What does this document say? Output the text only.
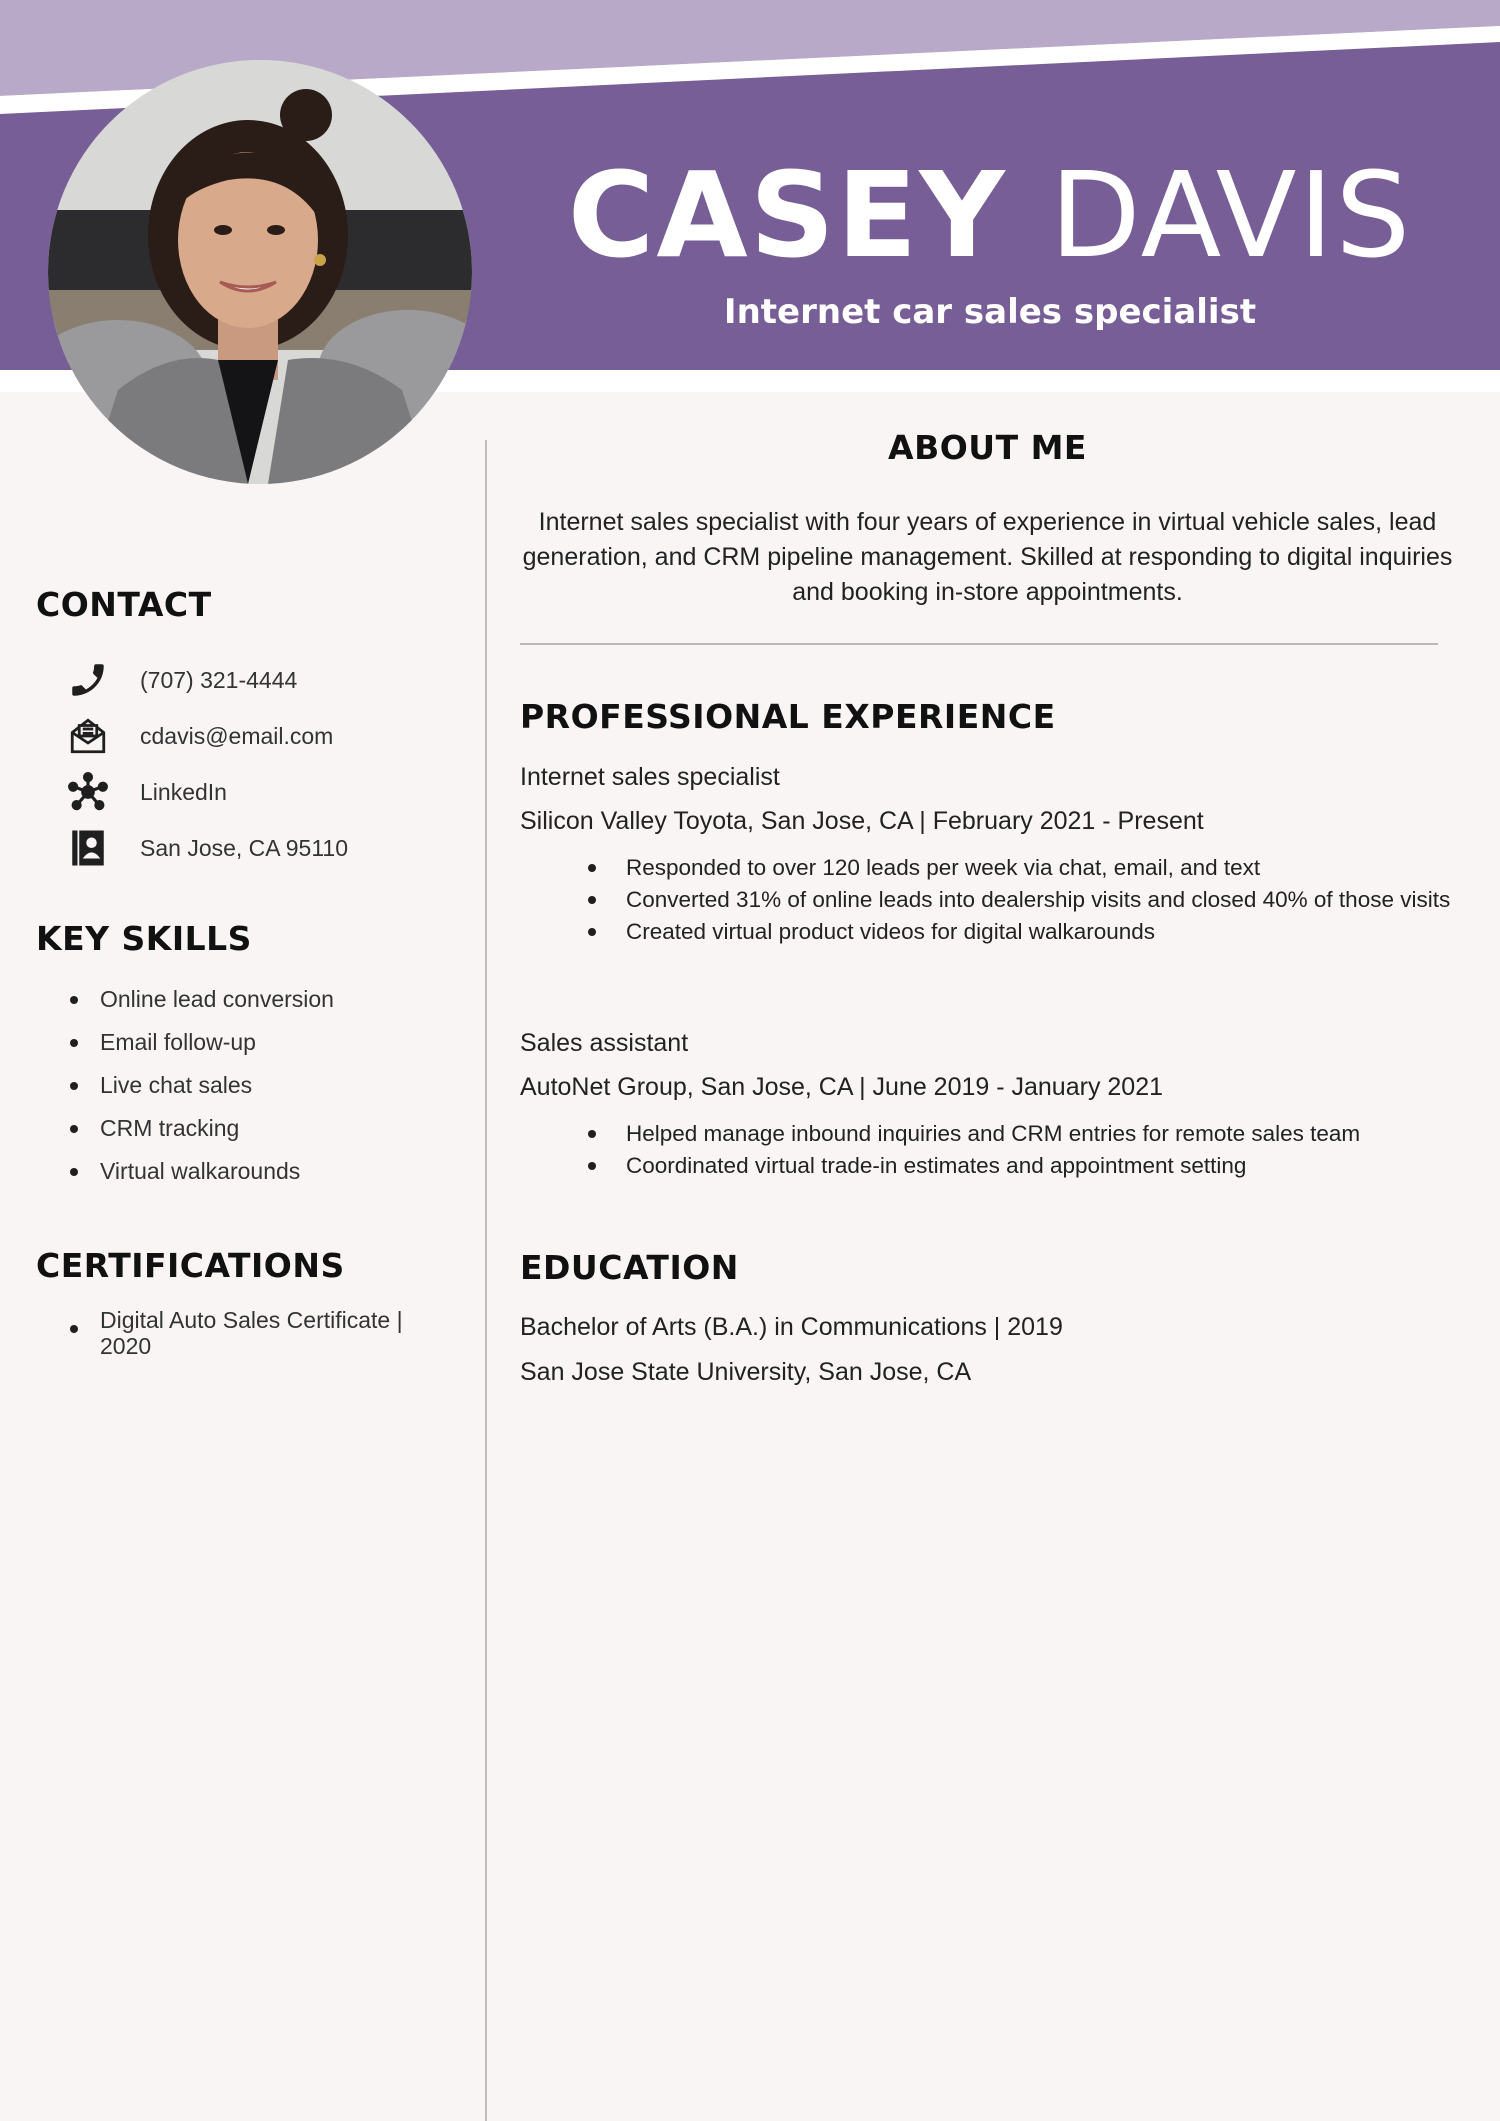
CASEY DAVIS

Internet car sales specialist

CONTACT
(707) 321-4444
cdavis@email.com
LinkedIn
San Jose, CA 95110
KEY SKILLS
Online lead conversion
Email follow-up
Live chat sales
CRM tracking
Virtual walkarounds
CERTIFICATIONS
Digital Auto Sales Certificate | 2020
ABOUT ME

Internet sales specialist with four years of experience in virtual vehicle sales, lead generation, and CRM pipeline management. Skilled at responding to digital inquiries and booking in-store appointments.

PROFESSIONAL EXPERIENCE

Internet sales specialist

Silicon Valley Toyota, San Jose, CA | February 2021 - Present

Responded to over 120 leads per week via chat, email, and text
Converted 31% of online leads into dealership visits and closed 40% of those visits
Created virtual product videos for digital walkarounds

Sales assistant

AutoNet Group, San Jose, CA | June 2019 - January 2021

Helped manage inbound inquiries and CRM entries for remote sales team
Coordinated virtual trade-in estimates and appointment setting
EDUCATION

Bachelor of Arts (B.A.) in Communications | 2019

San Jose State University, San Jose, CA
